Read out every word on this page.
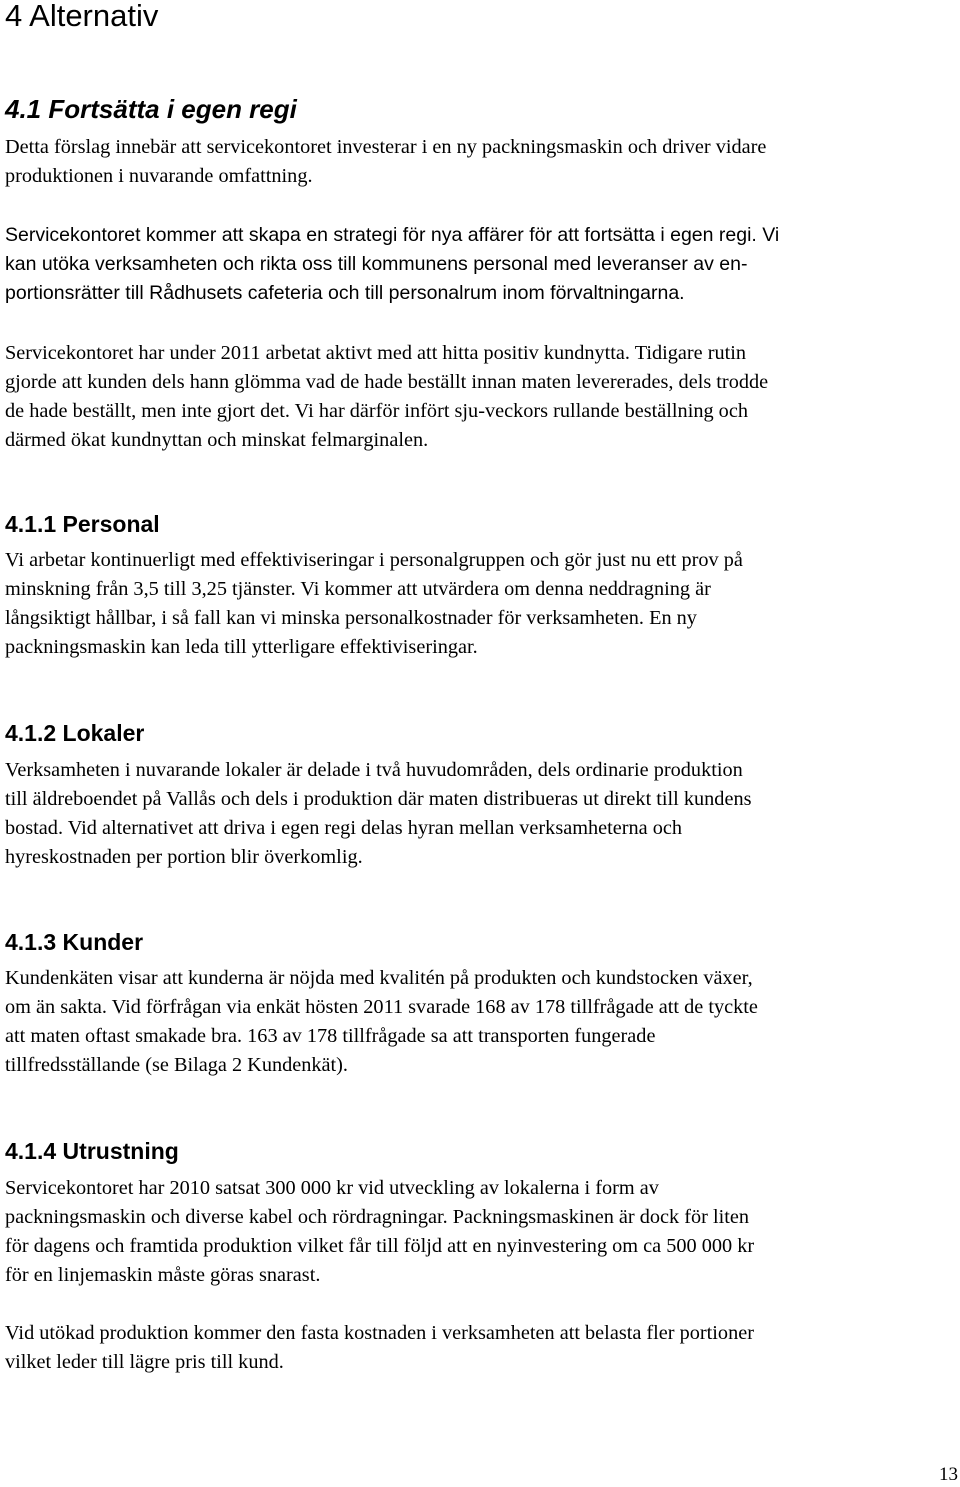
4 Alternativ
4.1 Fortsätta i egen regi

Detta förslag innebär att servicekontoret investerar i en ny packningsmaskin och driver vidare
produktionen i nuvarande omfattning.

Servicekontoret kommer att skapa en strategi för nya affärer för att fortsätta i egen regi. Vi
kan utöka verksamheten och rikta oss till kommunens personal med leveranser av en-
portionsrätter till Rådhusets cafeteria och till personalrum inom förvaltningarna.

Servicekontoret har under 2011 arbetat aktivt med att hitta positiv kundnytta. Tidigare rutin
gjorde att kunden dels hann glömma vad de hade beställt innan maten levererades, dels trodde
de hade beställt, men inte gjort det. Vi har därför infört sju-veckors rullande beställning och
därmed ökat kundnyttan och minskat felmarginalen.

4.1.1 Personal

Vi arbetar kontinuerligt med effektiviseringar i personalgruppen och gör just nu ett prov på
minskning från 3,5 till 3,25 tjänster. Vi kommer att utvärdera om denna neddragning är
långsiktigt hållbar, i så fall kan vi minska personalkostnader för verksamheten. En ny
packningsmaskin kan leda till ytterligare effektiviseringar.

4.1.2 Lokaler

Verksamheten i nuvarande lokaler är delade i två huvudområden, dels ordinarie produktion
till äldreboendet på Vallås och dels i produktion där maten distribueras ut direkt till kundens
bostad. Vid alternativet att driva i egen regi delas hyran mellan verksamheterna och
hyreskostnaden per portion blir överkomlig.

4.1.3 Kunder

Kundenkäten visar att kunderna är nöjda med kvalitén på produkten och kundstocken växer,
om än sakta. Vid förfrågan via enkät hösten 2011 svarade 168 av 178 tillfrågade att de tyckte
att maten oftast smakade bra. 163 av 178 tillfrågade sa att transporten fungerade
tillfredsställande (se Bilaga 2 Kundenkät).

4.1.4 Utrustning

Servicekontoret har 2010 satsat 300 000 kr vid utveckling av lokalerna i form av
packningsmaskin och diverse kabel och rördragningar. Packningsmaskinen är dock för liten
för dagens och framtida produktion vilket får till följd att en nyinvestering om ca 500 000 kr
för en linjemaskin måste göras snarast.

Vid utökad produktion kommer den fasta kostnaden i verksamheten att belasta fler portioner
vilket leder till lägre pris till kund.

13
